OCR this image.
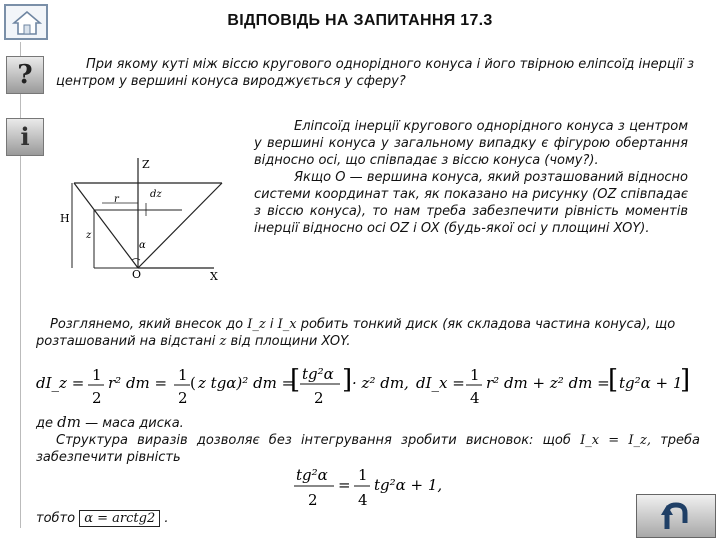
ВІДПОВІДЬ НА ЗАПИТАННЯ 17.3
?	При якому куті між віссю кругового однорідного конуса і його твірною еліпсоїд інерції з центром у вершині конуса вироджується у сферу?
i
Z
dz
r
H
z
α
O	X
Еліпсоїд інерції кругового однорідного конуса з центром у вершині конуса у загальному випадку є фігурою обертання відносно осі, що співпадає з віссю конуса (чому?).
Якщо O — вершина конуса, який розташований відносно системи координат так, як показано на рисунку (OZ співпадає з віссю конуса), то нам треба забезпечити рівність моментів інерції відносно осі OZ і OX (будь-якої осі у площині XOY).
Розглянемо, який внесок до I_z і I_x робить тонкий диск (як складова частина конуса), що розташований на відстані z від площини XOY.
dI_z = 1
2
r² dm = 1
2
( z tgα)² dm =
[ tg²α
2
] · z² dm, dI_x = 1
4
r² dm + z² dm =
[ tg²α + 1
]
де dm — маса диска.
Структура виразів дозволяє без інтегрування зробити висновок: щоб I_x = I_z, треба забезпечити рівність
tg²α
2
=
1
4
tg²α + 1,
тобто α = arctg2 .
